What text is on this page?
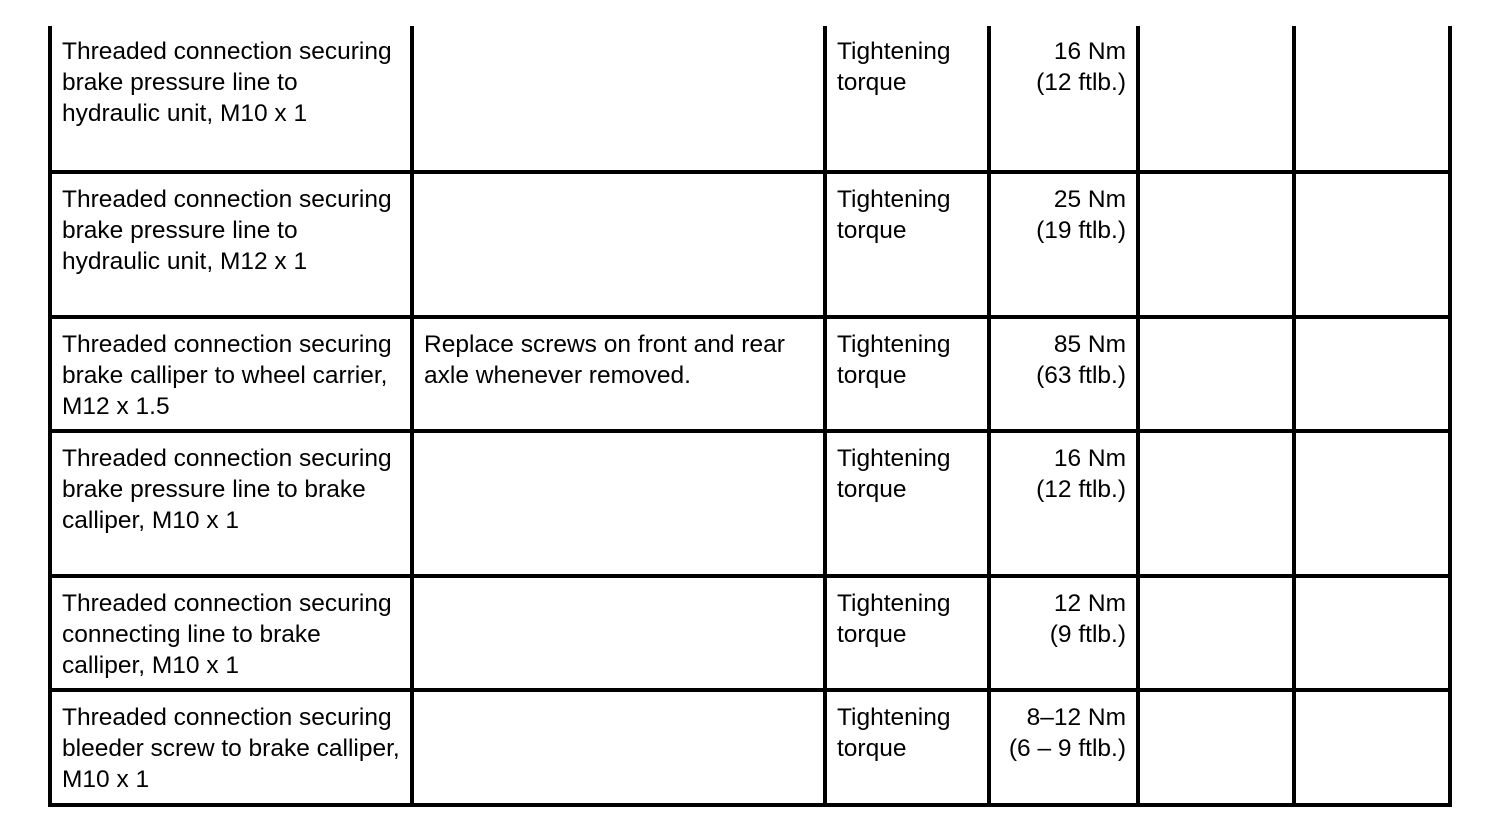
Threaded connection securing brake pressure line to hydraulic unit, M10 x 1		Tightening torque	16 Nm
(12 ftlb.)		
Threaded connection securing brake pressure line to hydraulic unit, M12 x 1		Tightening torque	25 Nm
(19 ftlb.)		
Threaded connection securing brake calliper to wheel carrier, M12 x 1.5	Replace screws on front and rear axle whenever removed.	Tightening torque	85 Nm
(63 ftlb.)		
Threaded connection securing brake pressure line to brake calliper, M10 x 1		Tightening torque	16 Nm
(12 ftlb.)		
Threaded connection securing connecting line to brake calliper, M10 x 1		Tightening torque	12 Nm
(9 ftlb.)		
Threaded connection securing bleeder screw to brake calliper, M10 x 1		Tightening torque	8–12 Nm
(6 – 9 ftlb.)		
